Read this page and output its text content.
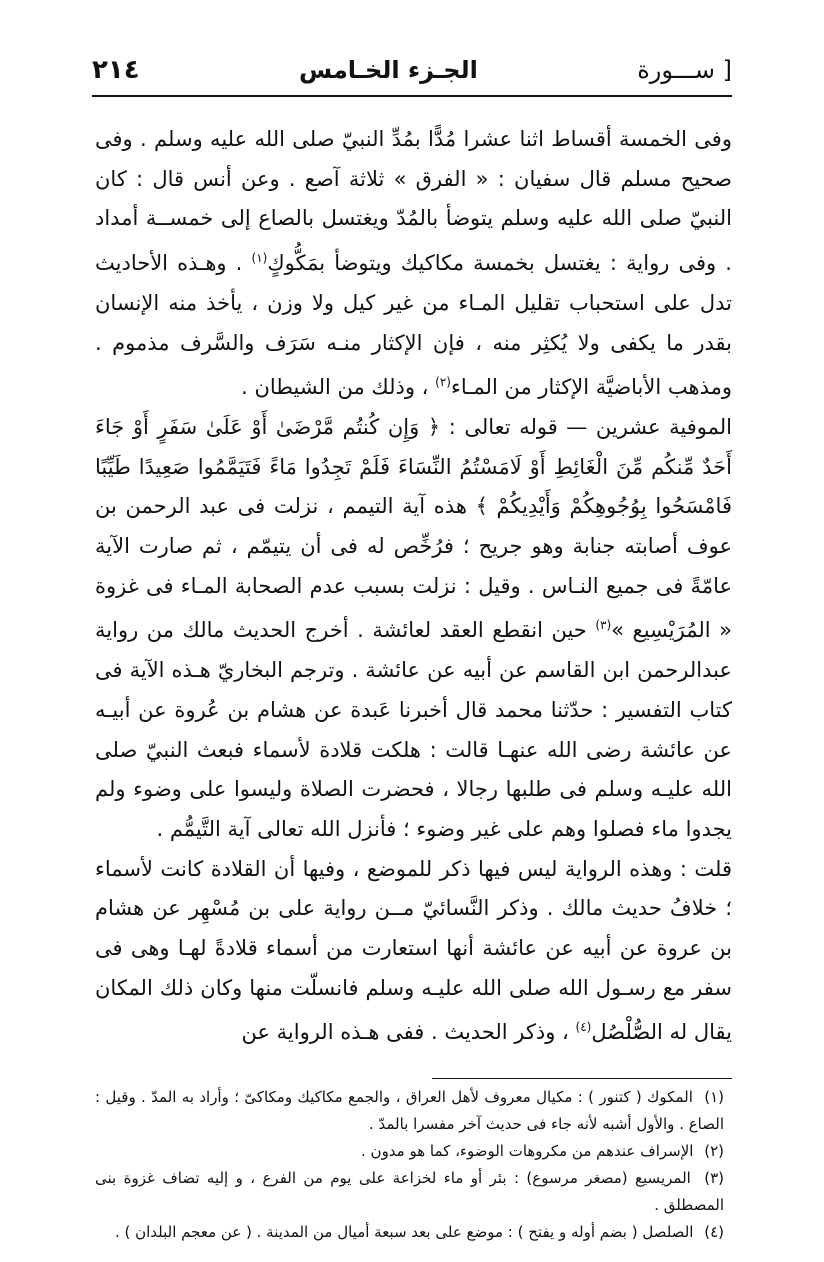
٢١٤	الجـزء الخـامس	[ ســـورة

وفى الخمسة أقساط اثنا عشرا مُدًّا بمُدِّ النبيّ صلى الله عليه وسلم . وفى صحيح مسلم قال سفيان : « الفرق » ثلاثة آصع . وعن أنس قال : كان النبيّ صلى الله عليه وسلم يتوضأ بالمُدّ ويغتسل بالصاع إلى خمســة أمداد . وفى رواية : يغتسل بخمسة مكاكيك ويتوضأ بمَكُّوكٍ$^{(١)}$ . وهـذه الأحاديث تدل على استحباب تقليل المـاء من غير كيل ولا وزن ، يأخذ منه الإنسان بقدر ما يكفى ولا يُكثِر منه ، فإن الإكثار منـه سَرَف والسَّرف مذموم . ومذهب الأباضيَّة الإكثار من المـاء$^{(٢)}$ ، وذلك من الشيطان .

الموفية عشرين — قوله تعالى : ﴿ وَإِن كُنتُم مَّرْضَىٰ أَوْ عَلَىٰ سَفَرٍ أَوْ جَاءَ أَحَدٌ مِّنكُم مِّنَ الْغَائِطِ أَوْ لَامَسْتُمُ النِّسَاءَ فَلَمْ تَجِدُوا مَاءً فَتَيَمَّمُوا صَعِيدًا طَيِّبًا فَامْسَحُوا بِوُجُوهِكُمْ وَأَيْدِيكُمْ ﴾ هذه آية التيمم ، نزلت فى عبد الرحمن بن عوف أصابته جنابة وهو جريح ؛ فرُخِّص له فى أن يتيمّم ، ثم صارت الآية عامّةً فى جميع النـاس . وقيل : نزلت بسبب عدم الصحابة المـاء فى غزوة « المُرَيْسِيع »$^{(٣)}$ حين انقطع العقد لعائشة . أخرج الحديث مالك من رواية عبدالرحمن ابن القاسم عن أبيه عن عائشة . وترجم البخاريّ هـذه الآية فى كتاب التفسير : حدّثنا محمد قال أخبرنا عَبدة عن هشام بن عُروة عن أبيـه عن عائشة رضى الله عنهـا قالت : هلكت قلادة لأسماء فبعث النبيّ صلى الله عليـه وسلم فى طلبها رجالا ، فحضرت الصلاة وليسوا على وضوء ولم يجدوا ماء فصلوا وهم على غير وضوء ؛ فأنزل الله تعالى آية التَّيمُّم .

قلت : وهذه الرواية ليس فيها ذكر للموضع ، وفيها أن القلادة كانت لأسماء ؛ خلافُ حديث مالك . وذكر النَّسائيّ مــن رواية على بن مُسْهِر عن هشام بن عروة عن أبيه عن عائشة أنها استعارت من أسماء قلادةً لهـا وهى فى سفر مع رسـول الله صلى الله عليـه وسلم فانسلّت منها وكان ذلك المكان يقال له الصُّلْصُل$^{(٤)}$ ، وذكر الحديث . ففى هـذه الرواية عن

(١) المكوك ( كتنور ) : مكيال معروف لأهل العراق ، والجمع مكاكيك ومكاكىّ ؛ وأراد به المدّ . وقيل : الصاع . والأول أشبه لأنه جاء فى حديث آخر مفسرا بالمدّ .

(٢) الإسراف عندهم من مكروهات الوضوء، كما هو مدون .

(٣) المريسيع (مصغر مرسوع) : بئر أو ماء لخزاعة على يوم من الفرع ، و إليه تضاف غزوة بنى المصطلق .

(٤) الصلصل ( بضم أوله و يفتح ) : موضع على بعد سبعة أميال من المدينة . ( عن معجم البلدان ) .
